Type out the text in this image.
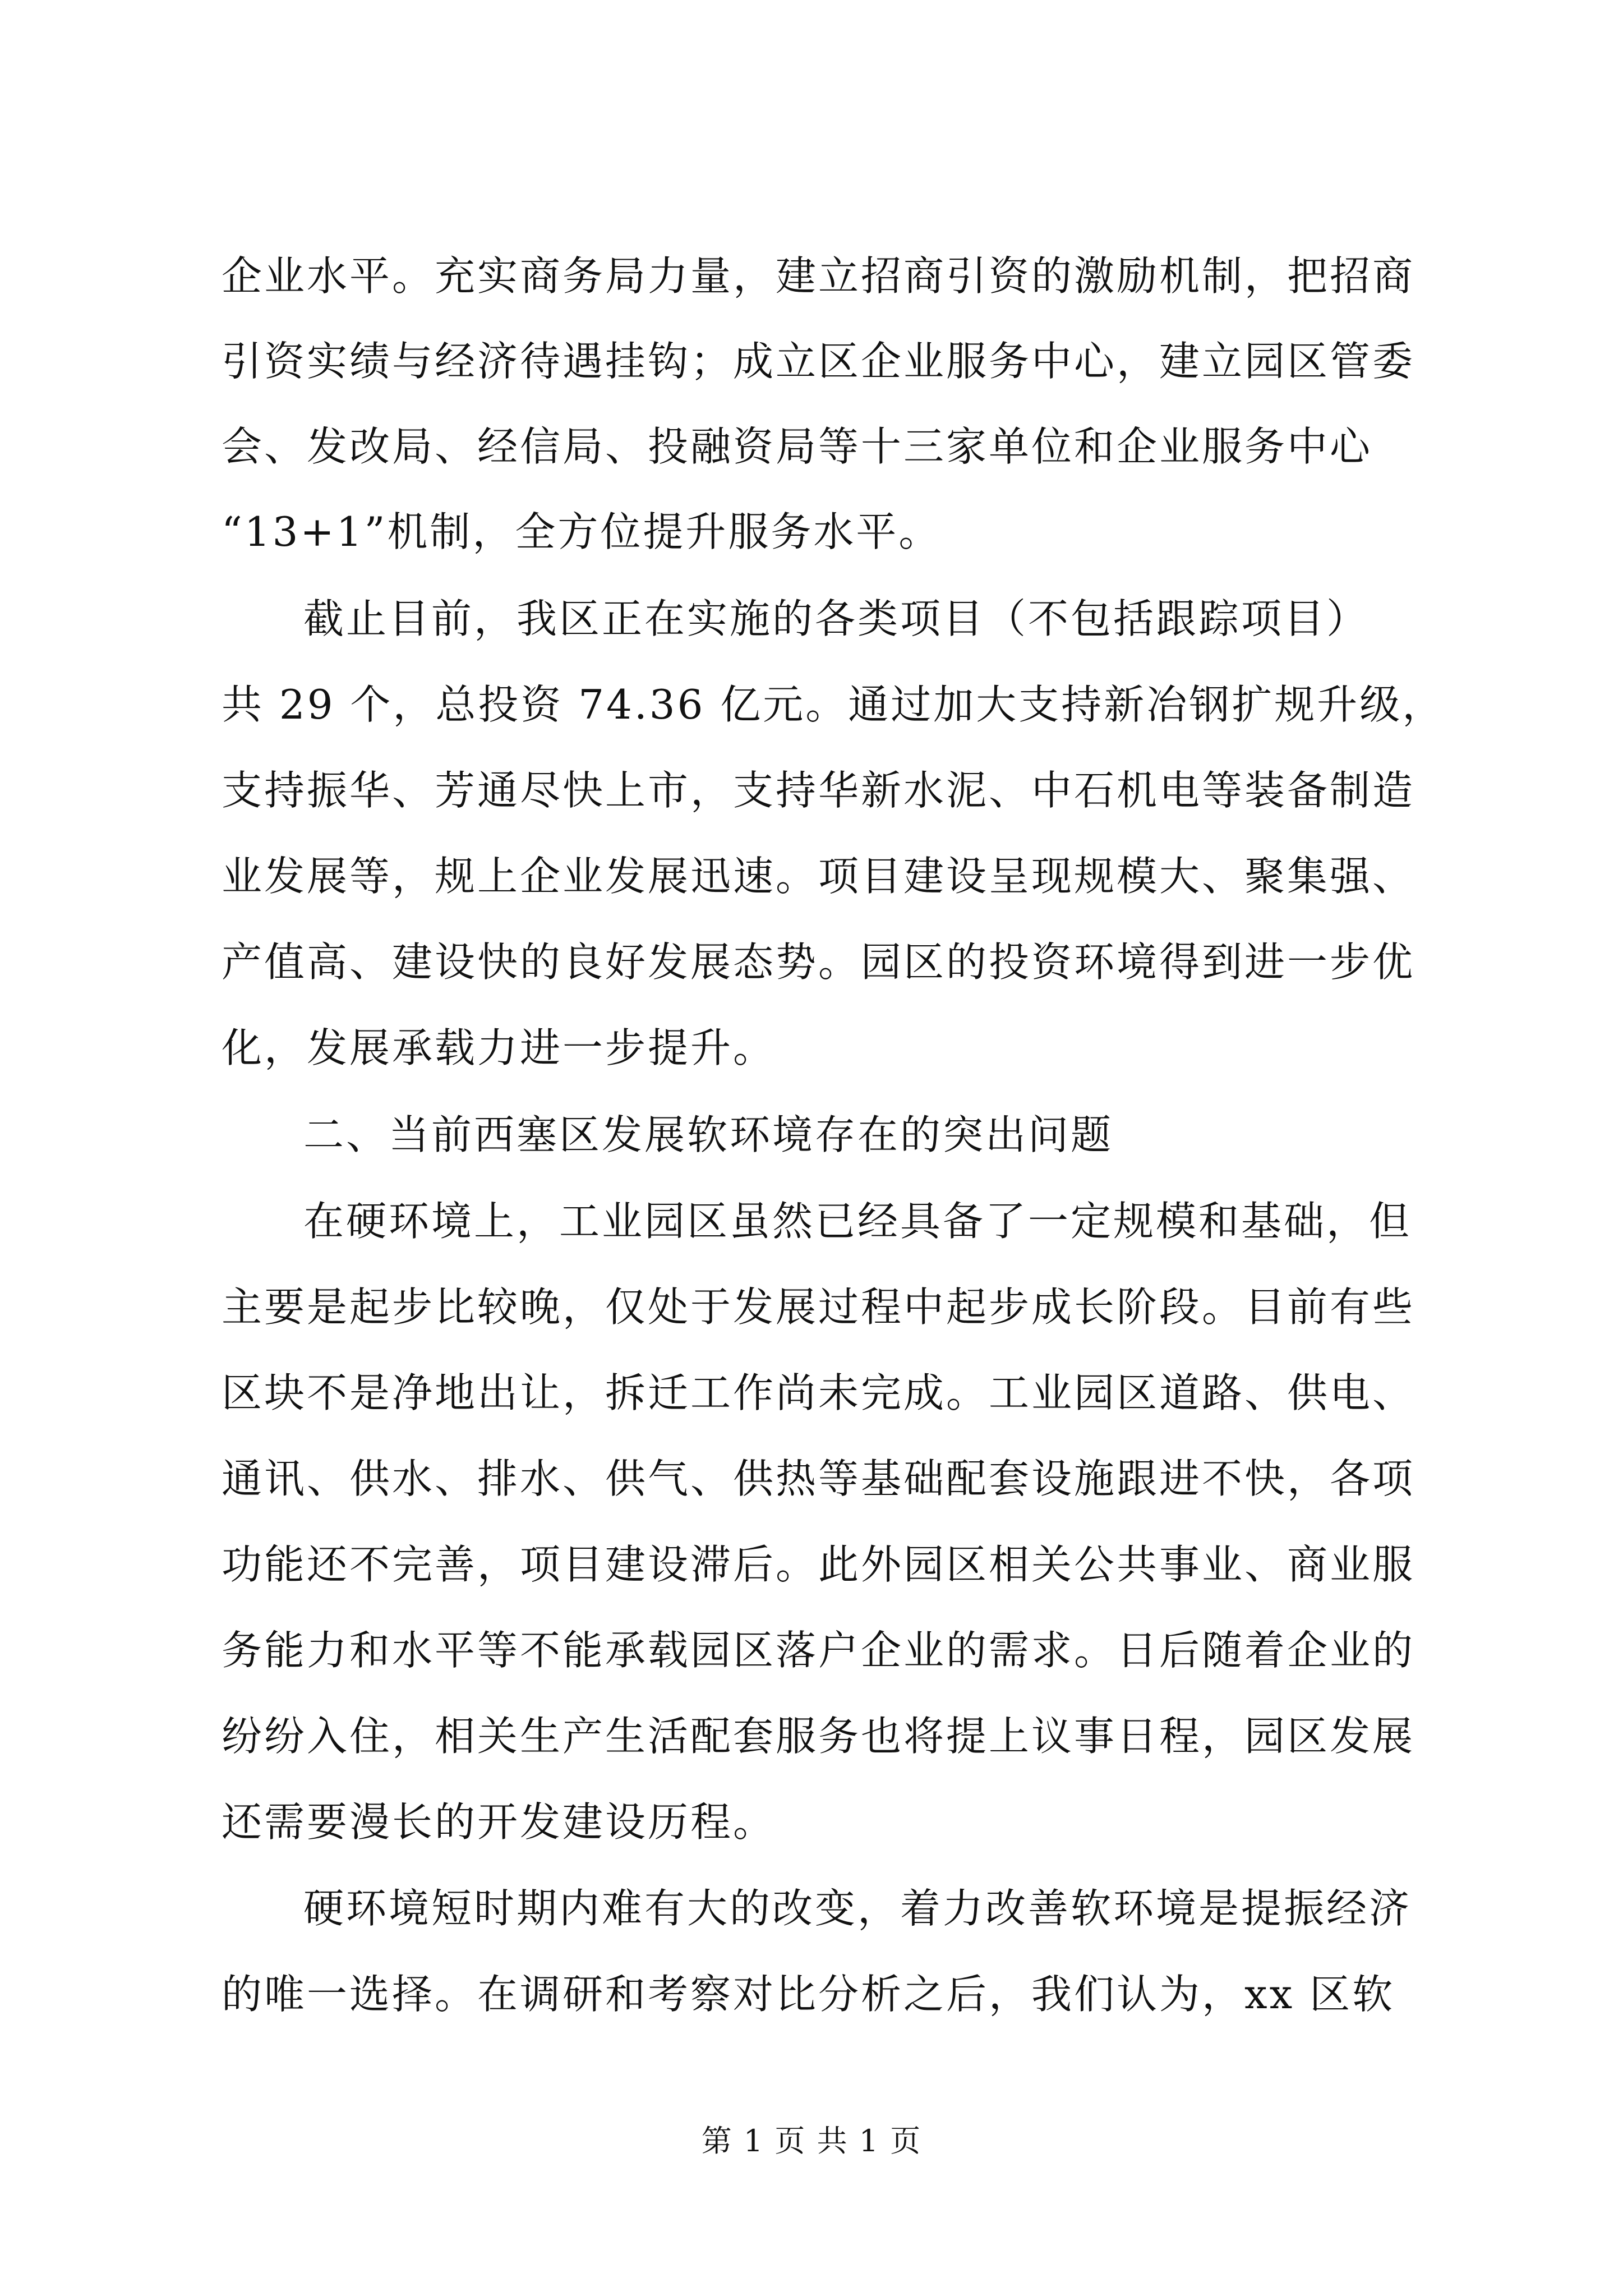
企业水平。充实商务局力量，建立招商引资的激励机制，把招商
引资实绩与经济待遇挂钩；成立区企业服务中心，建立园区管委
会、发改局、经信局、投融资局等十三家单位和企业服务中心
“13+1”机制，全方位提升服务水平。
截止目前，我区正在实施的各类项目（不包括跟踪项目）
共 29 个，总投资 74.36 亿元。通过加大支持新冶钢扩规升级，
支持振华、芳通尽快上市，支持华新水泥、中石机电等装备制造
业发展等，规上企业发展迅速。项目建设呈现规模大、聚集强、
产值高、建设快的良好发展态势。园区的投资环境得到进一步优
化，发展承载力进一步提升。
二、当前西塞区发展软环境存在的突出问题
在硬环境上，工业园区虽然已经具备了一定规模和基础，但
主要是起步比较晚，仅处于发展过程中起步成长阶段。目前有些
区块不是净地出让，拆迁工作尚未完成。工业园区道路、供电、
通讯、供水、排水、供气、供热等基础配套设施跟进不快，各项
功能还不完善，项目建设滞后。此外园区相关公共事业、商业服
务能力和水平等不能承载园区落户企业的需求。日后随着企业的
纷纷入住，相关生产生活配套服务也将提上议事日程，园区发展
还需要漫长的开发建设历程。
硬环境短时期内难有大的改变，着力改善软环境是提振经济
的唯一选择。在调研和考察对比分析之后，我们认为，xx 区软
第 1 页 共 1 页
